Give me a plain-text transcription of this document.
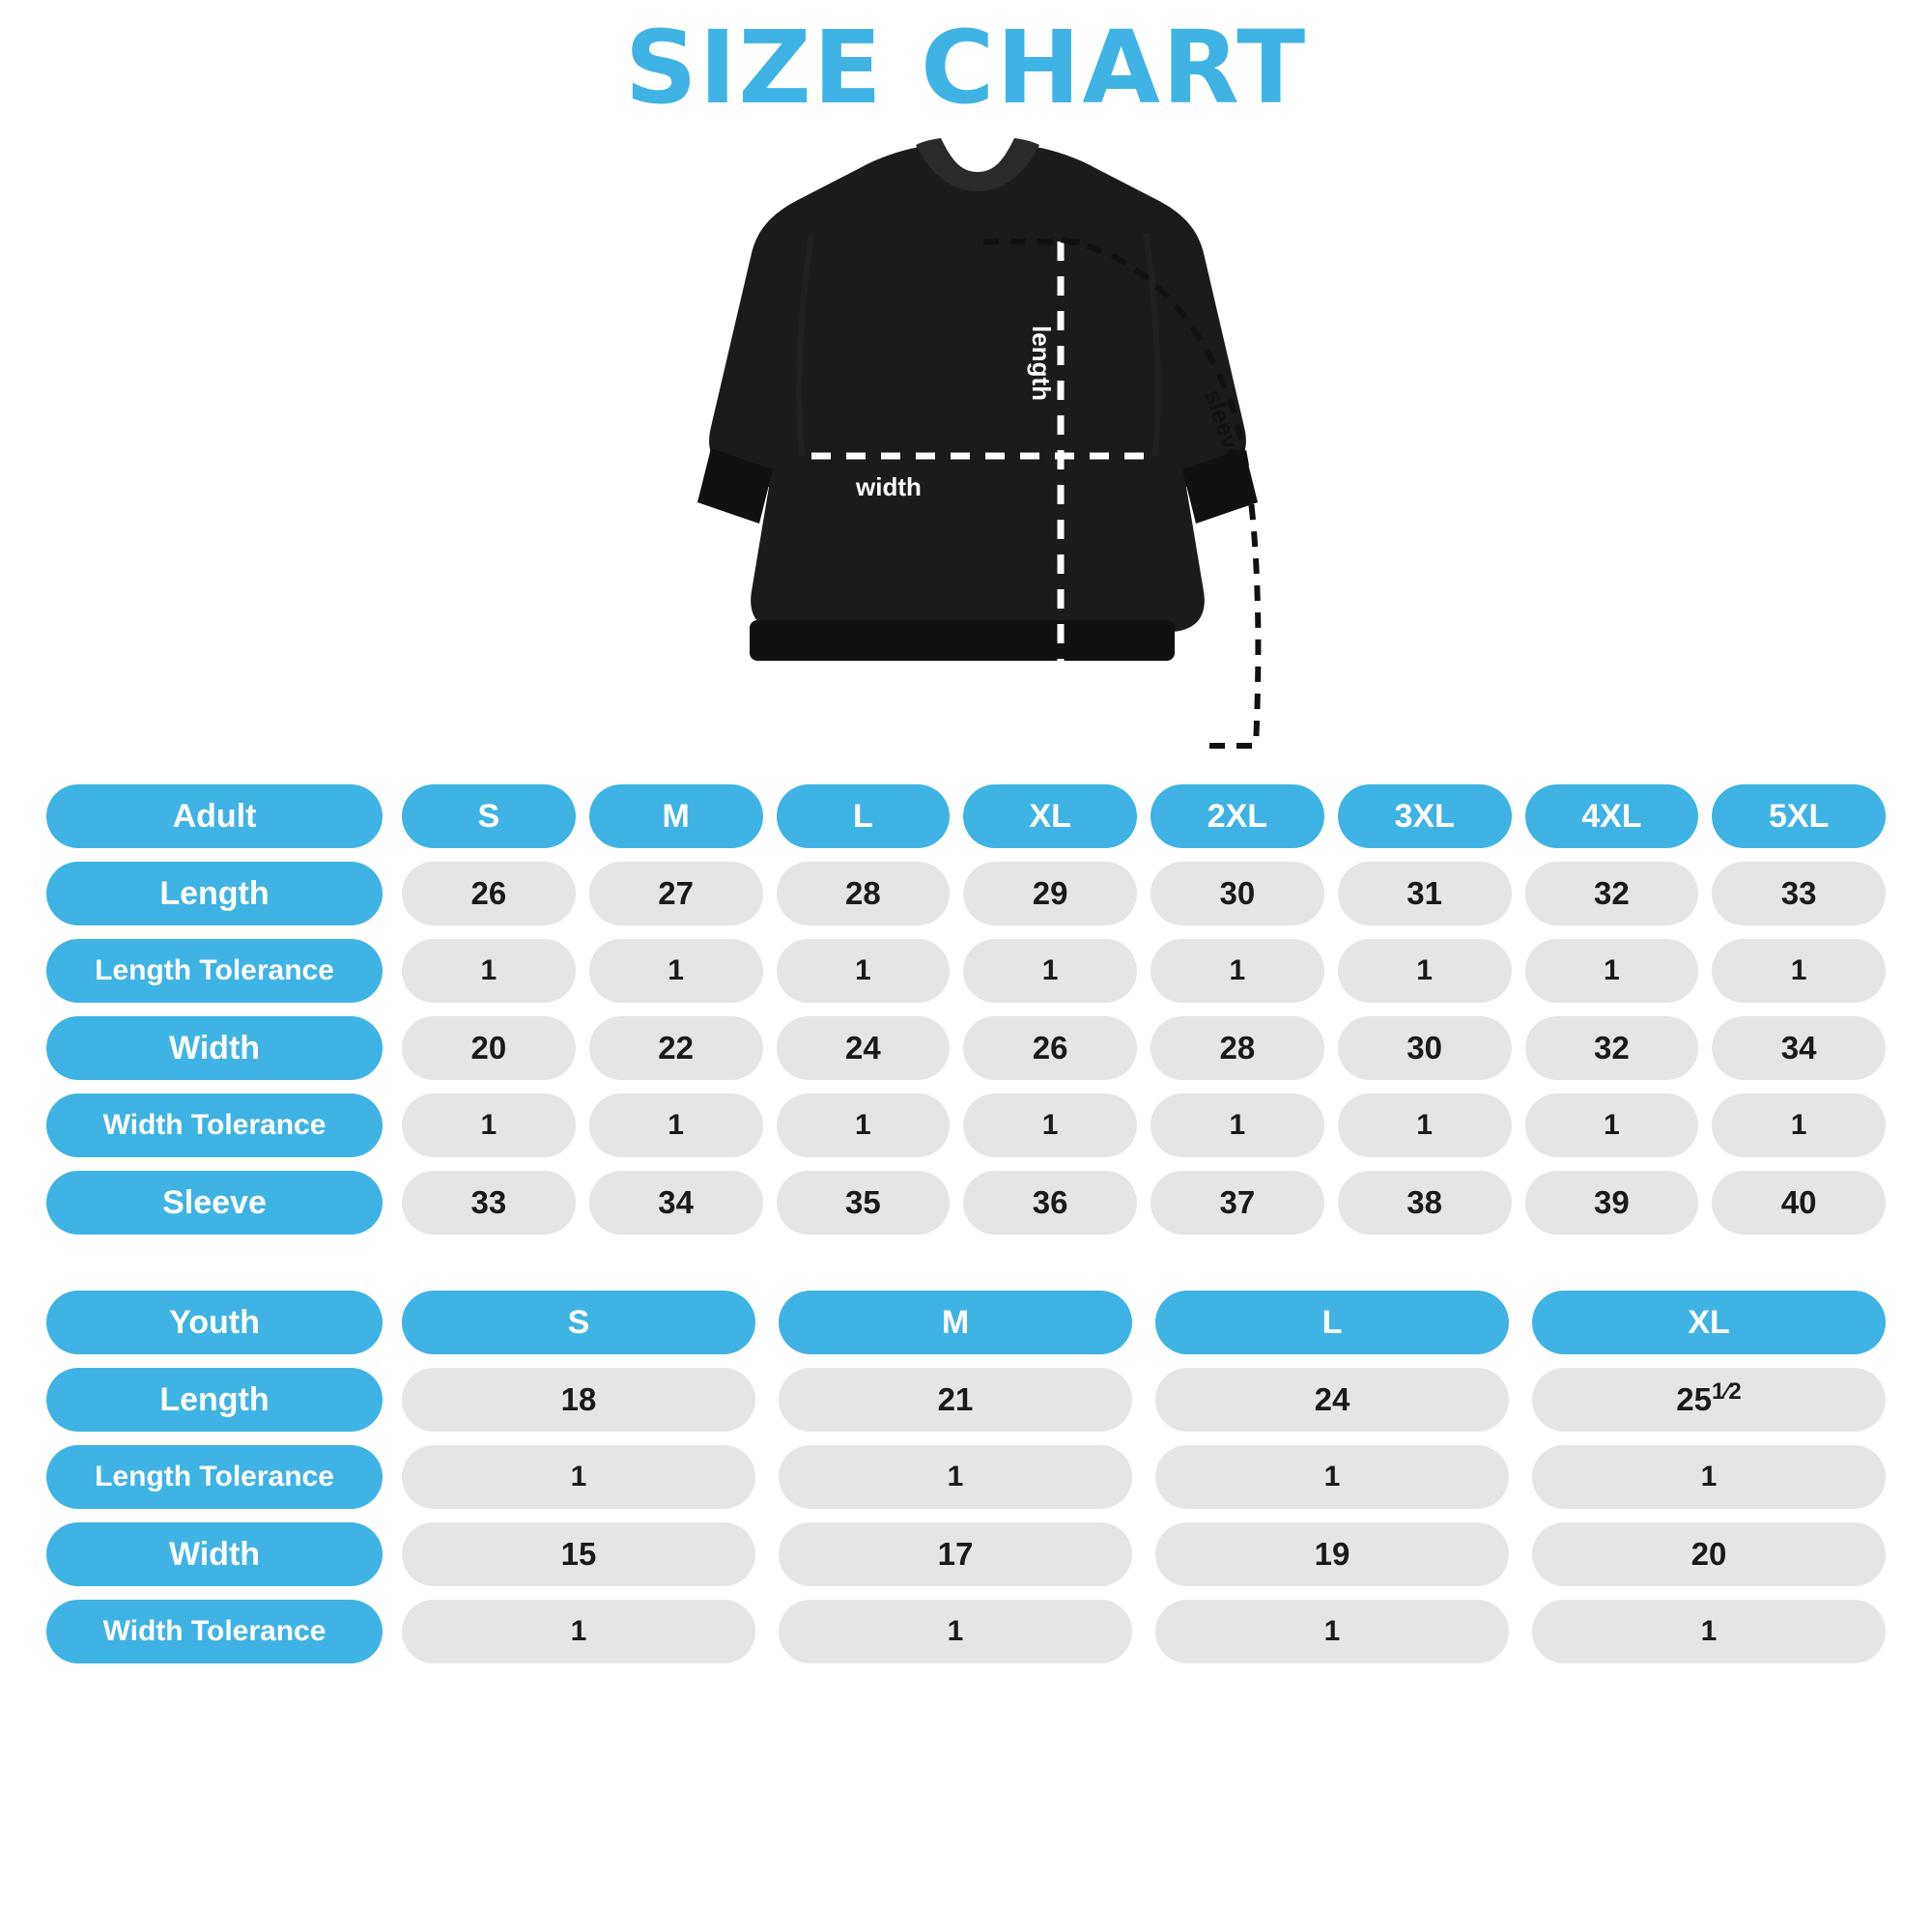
SIZE CHART
width
length
sleeve
Adult	S	M	L	XL	2XL	3XL	4XL	5XL
Length	26	27	28	29	30	31	32	33
Length Tolerance	1	1	1	1	1	1	1	1
Width	20	22	24	26	28	30	32	34
Width Tolerance	1	1	1	1	1	1	1	1
Sleeve	33	34	35	36	37	38	39	40
Youth	S	M	L	XL
Length	18	21	24	$25^{1⁄2}$
Length Tolerance	1	1	1	1
Width	15	17	19	20
Width Tolerance	1	1	1	1
